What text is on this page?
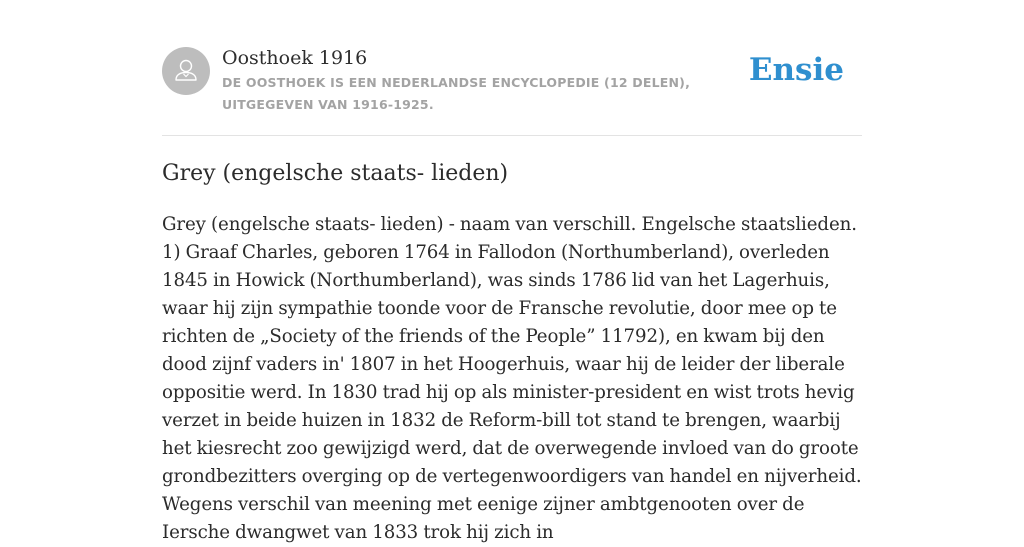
Oosthoek 1916
DE OOSTHOEK IS EEN NEDERLANDSE ENCYCLOPEDIE (12 DELEN), UITGEGEVEN VAN 1916-1925.
Ensie
Grey (engelsche staats- lieden)

Grey (engelsche staats- lieden) - naam van verschill. Engelsche staatslieden. 1) Graaf Charles, geboren 1764 in Fallodon (Northumberland), overleden 1845 in Howick (Northumberland), was sinds 1786 lid van het Lagerhuis, waar hij zijn sympathie toonde voor de Fransche revolutie, door mee op te richten de „Society of the friends of the People” 11792), en kwam bij den dood zijnf vaders in' 1807 in het Hoogerhuis, waar hij de leider der liberale oppositie werd. In 1830 trad hij op als minister-president en wist trots hevig verzet in beide huizen in 1832 de Reform-bill tot stand te brengen, waarbij het kiesrecht zoo gewijzigd werd, dat de overwegende invloed van do groote grondbezitters overging op de vertegenwoordigers van handel en nijverheid. Wegens verschil van meening met eenige zijner ambtgenooten over de Iersche dwangwet van 1833 trok hij zich in
